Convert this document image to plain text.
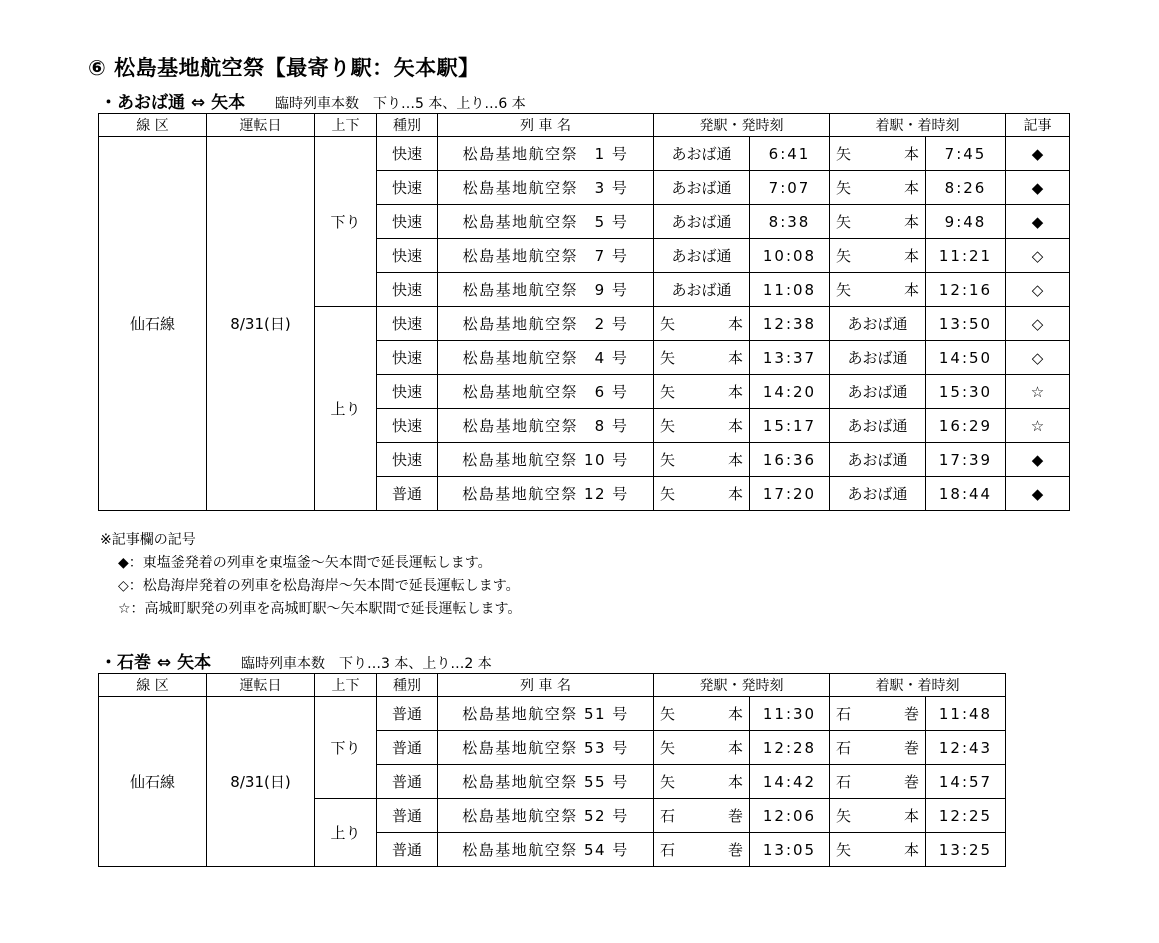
⑥ 松島基地航空祭【最寄り駅：矢本駅】
・あおば通 ⇔ 矢本 臨時列車本数　下り…5 本、上り…6 本
線 区	運転日	上下	種別	列 車 名	発駅・発時刻		着駅・着時刻		記事
仙石線	8/31(日)	下り	快速	松島基地航空祭　1 号	あおば通	6:41	矢 本	7:45	◆
			快速	松島基地航空祭　3 号	あおば通	7:07	矢 本	8:26	◆
			快速	松島基地航空祭　5 号	あおば通	8:38	矢 本	9:48	◆
			快速	松島基地航空祭　7 号	あおば通	10:08	矢 本	11:21	◇
			快速	松島基地航空祭　9 号	あおば通	11:08	矢 本	12:16	◇
		上り	快速	松島基地航空祭　2 号	矢 本	12:38	あおば通	13:50	◇
			快速	松島基地航空祭　4 号	矢 本	13:37	あおば通	14:50	◇
			快速	松島基地航空祭　6 号	矢 本	14:20	あおば通	15:30	☆
			快速	松島基地航空祭　8 号	矢 本	15:17	あおば通	16:29	☆
			快速	松島基地航空祭 10 号	矢 本	16:36	あおば通	17:39	◆
			普通	松島基地航空祭 12 号	矢 本	17:20	あおば通	18:44	◆
※記事欄の記号
◆：東塩釜発着の列車を東塩釜～矢本間で延長運転します。
◇：松島海岸発着の列車を松島海岸～矢本間で延長運転します。
☆：高城町駅発の列車を高城町駅～矢本駅間で延長運転します。
・石巻 ⇔ 矢本 臨時列車本数　下り…3 本、上り…2 本
線 区	運転日	上下	種別	列 車 名	発駅・発時刻		着駅・着時刻	
仙石線	8/31(日)	下り	普通	松島基地航空祭 51 号	矢 本	11:30	石 巻	11:48
			普通	松島基地航空祭 53 号	矢 本	12:28	石 巻	12:43
			普通	松島基地航空祭 55 号	矢 本	14:42	石 巻	14:57
		上り	普通	松島基地航空祭 52 号	石 巻	12:06	矢 本	12:25
			普通	松島基地航空祭 54 号	石 巻	13:05	矢 本	13:25
